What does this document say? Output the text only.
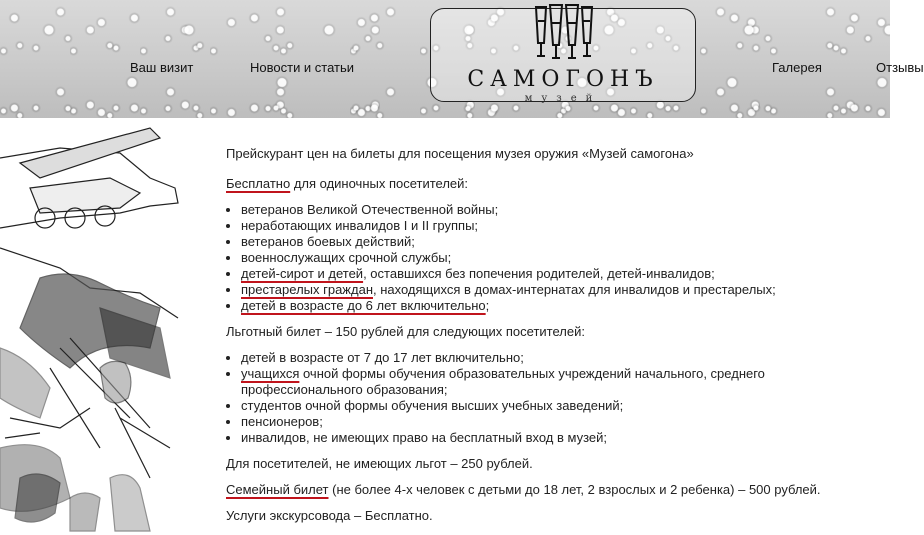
Ваш визит	Новости и статьи	САМОГОНЪ
музей
Галерея	Отзывы

Прейскурант цен на билеты для посещения музея оружия «Музей самогона»

Бесплатно для одиночных посетителей:

• ветеранов Великой Отечественной войны;
• неработающих инвалидов I и II группы;
• ветеранов боевых действий;
• военнослужащих срочной службы;
• детей-сирот и детей, оставшихся без попечения родителей, детей-инвалидов;
• престарелых граждан, находящихся в домах-интернатах для инвалидов и престарелых;
• детей в возрасте до 6 лет включительно;

Льготный билет – 150 рублей для следующих посетителей:

• детей в возрасте от 7 до 17 лет включительно;
• учащихся очной формы обучения образовательных учреждений начального, среднего профессионального образования;
• студентов очной формы обучения высших учебных заведений;
• пенсионеров;
• инвалидов, не имеющих право на бесплатный вход в музей;

Для посетителей, не имеющих льгот – 250 рублей.

Семейный билет (не более 4-х человек с детьми до 18 лет, 2 взрослых и 2 ребенка) – 500 рублей.

Услуги экскурсовода – Бесплатно.
